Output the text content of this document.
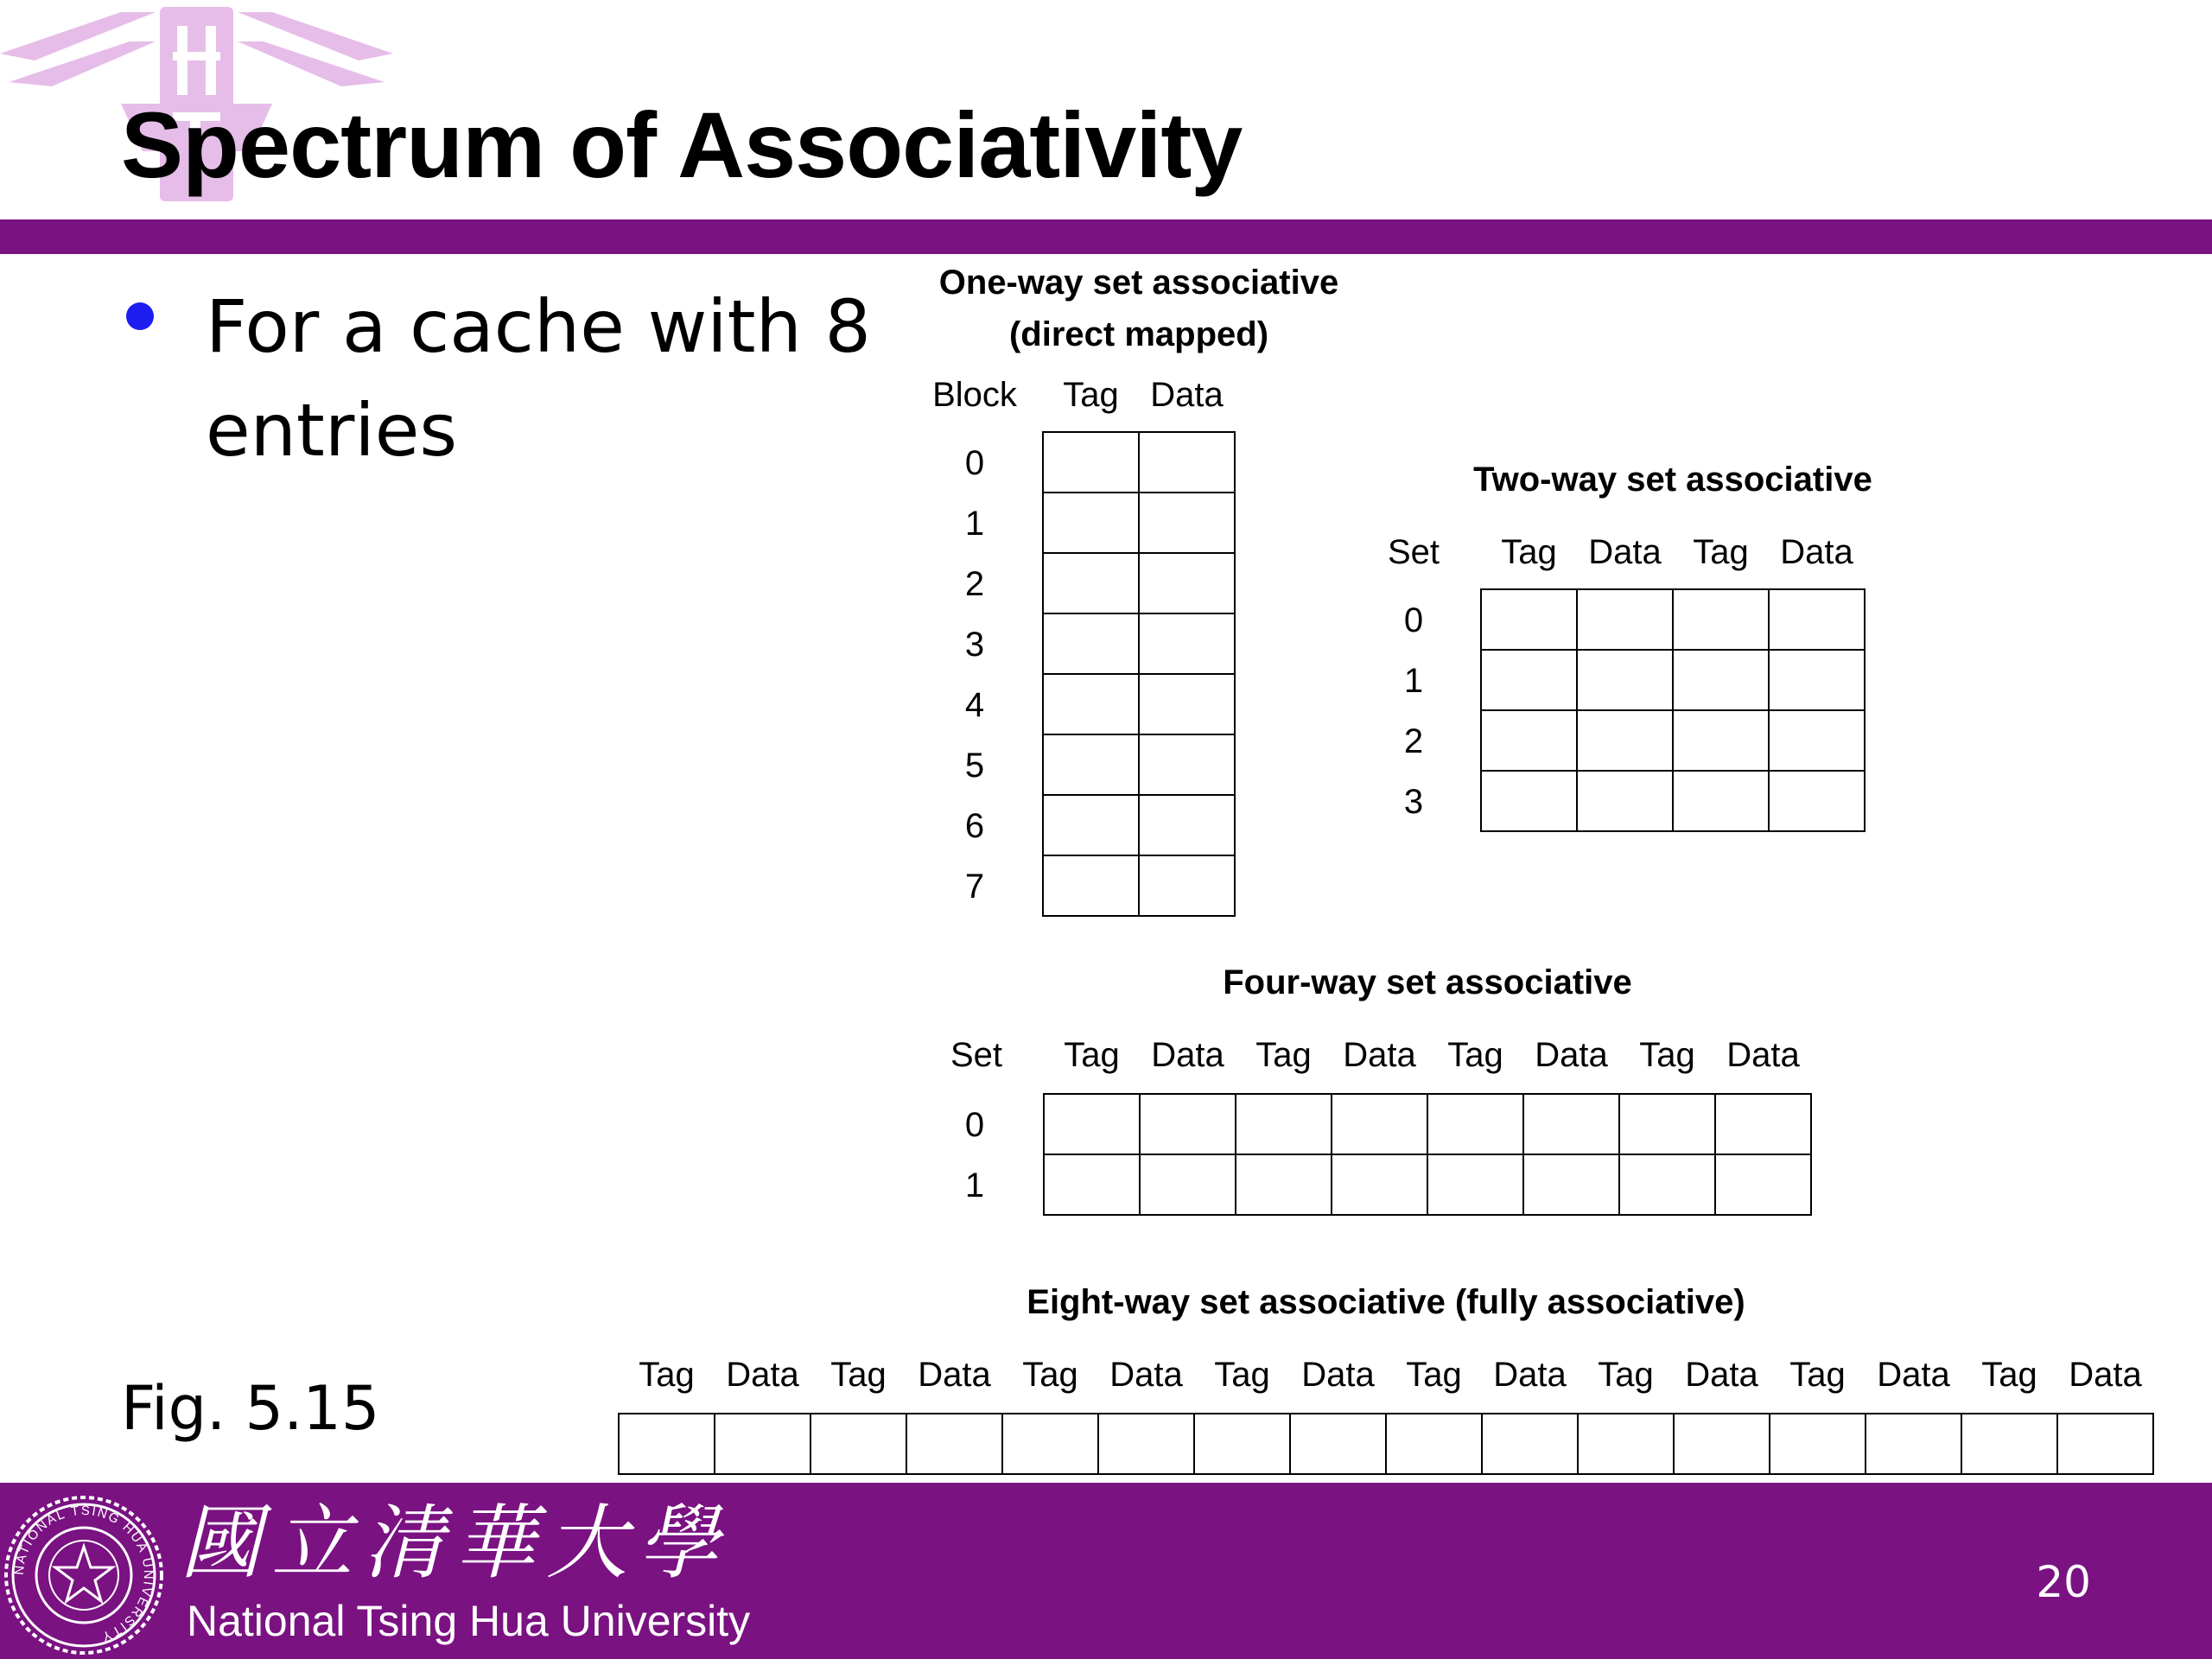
Spectrum of Associativity
For a cache with 8 entries
One-way set associative
(direct mapped)
Block Tag Data
0
1
2
3
4
5
6
7
Two-way set associative
Set Tag Data Tag Data
0
1
2
3
Four-way set associative
Set Tag Data Tag Data Tag Data Tag Data
0
1
Eight-way set associative (fully associative)
Tag Data Tag Data Tag Data Tag Data Tag Data Tag Data Tag Data Tag Data
Fig. 5.15
NATIONAL TSING HUA UNIVERSITY
國立清華大學
National Tsing Hua University
20
